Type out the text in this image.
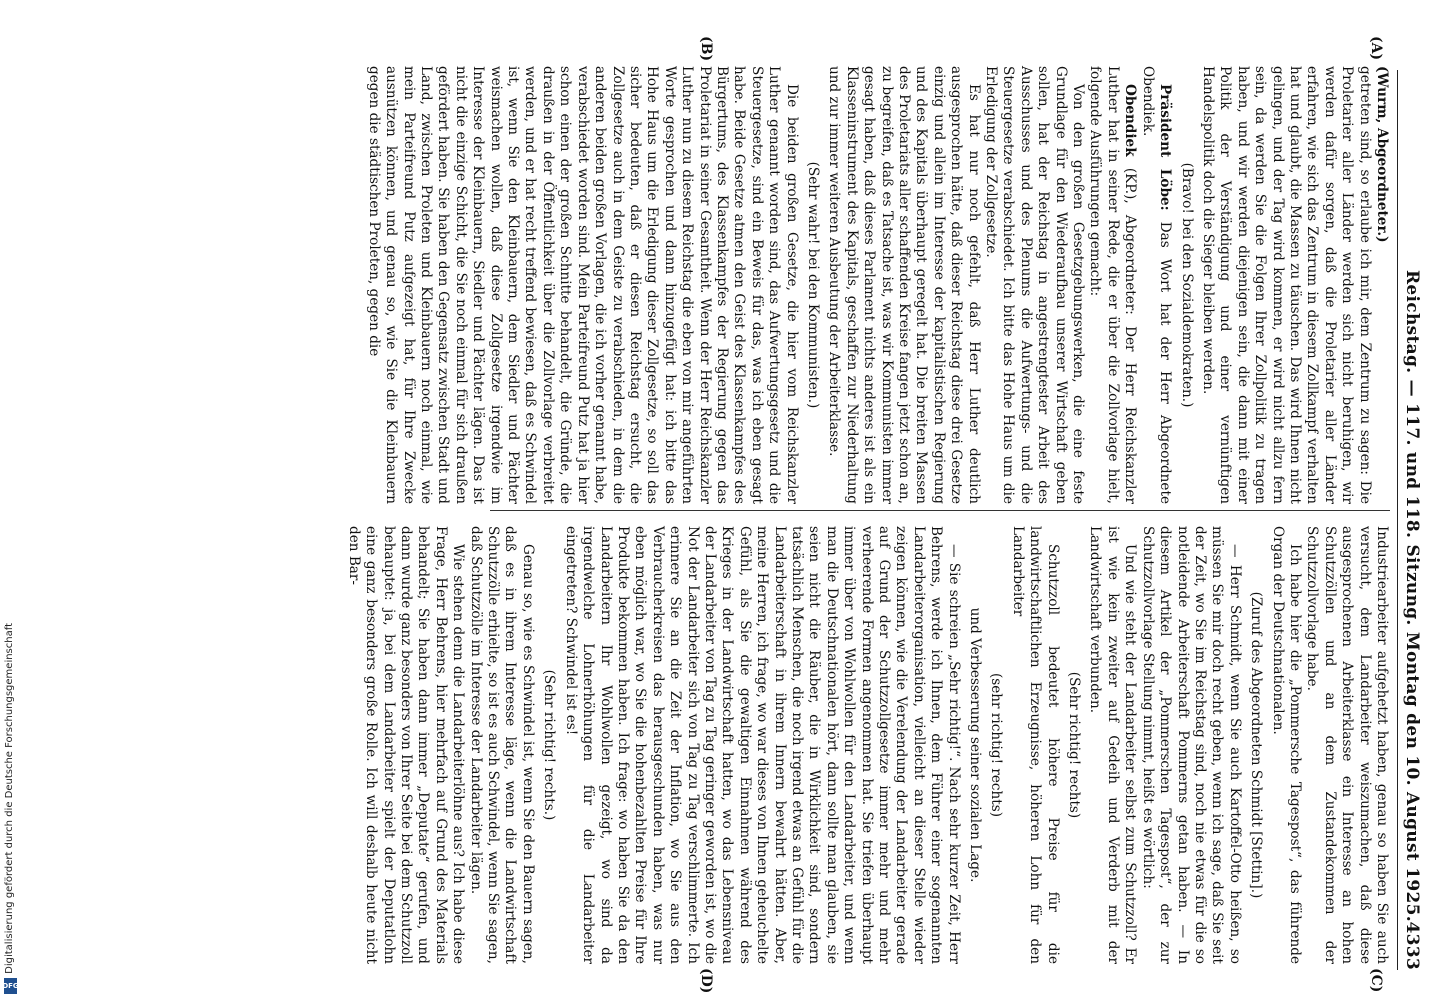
Reichstag. — 117. und 118. Sitzung. Montag den 10. August 1925.
4333
(A)
(B)
(C)
(D)

(Wurm, Abgeordneter.)

getreten sind, so erlaube ich mir, dem Zentrum zu sagen: Die Proletarier aller Länder werden sich nicht beruhigen, wir werden dafür sorgen, daß die Proletarier aller Länder erfahren, wie sich das Zentrum in diesem Zollkampf verhalten hat und glaubt, die Massen zu täuschen. Das wird Ihnen nicht gelingen, und der Tag wird kommen, er wird nicht allzu fern sein, da werden Sie die Folgen Ihrer Zollpolitik zu tragen haben, und wir werden diejenigen sein, die dann mit einer Politik der Verständigung und einer vernünftigen Handelspolitik doch die Sieger bleiben werden.

(Bravo! bei den Sozialdemokraten.)

Präsident Löbe: Das Wort hat der Herr Abgeordnete Obendiek.

Obendiek (KP.), Abgeordneter: Der Herr Reichskanzler Luther hat in seiner Rede, die er über die Zollvorlage hielt, folgende Ausführungen gemacht:

Von den großen Gesetzgebungswerken, die eine feste Grundlage für den Wiederaufbau unserer Wirtschaft geben sollen, hat der Reichstag in angestrengtester Arbeit des Ausschusses und des Plenums die Aufwertungs- und die Steuergesetze verabschiedet. Ich bitte das Hohe Haus um die Erledigung der Zollgesetze.

Es hat nur noch gefehlt, daß Herr Luther deutlich ausgesprochen hätte, daß dieser Reichstag diese drei Gesetze einzig und allein im Interesse der kapitalistischen Regierung und des Kapitals überhaupt geregelt hat. Die breiten Massen des Proletariats aller schaffenden Kreise fangen jetzt schon an, zu begreifen, daß es Tatsache ist, was wir Kommunisten immer gesagt haben, daß dieses Parlament nichts anderes ist als ein Klasseninstrument des Kapitals, geschaffen zur Niederhaltung und zur immer weiteren Ausbeutung der Arbeiterklasse.

(Sehr wahr! bei den Kommunisten.)

Die beiden großen Gesetze, die hier vom Reichskanzler Luther genannt worden sind, das Aufwertungsgesetz und die Steuergesetze, sind ein Beweis für das, was ich eben gesagt habe. Beide Gesetze atmen den Geist des Klassenkampfes des Bürgertums, des Klassenkampfes der Regierung gegen das Proletariat in seiner Gesamtheit. Wenn der Herr Reichskanzler Luther nun zu diesem Reichstag die eben von mir angeführten Worte gesprochen und dann hinzugefügt hat: ich bitte das Hohe Haus um die Erledigung dieser Zollgesetze, so soll das sicher bedeuten, daß er diesen Reichstag ersucht, die Zollgesetze auch in dem Geiste zu verabschieden, in dem die anderen beiden großen Vorlagen, die ich vorher genannt habe, verabschiedet worden sind. Mein Parteifreund Putz hat ja hier schon einen der großen Schnitte behandelt, die Gründe, die draußen in der Öffentlichkeit über die Zollvorlage verbreitet werden, und er hat recht treffend bewiesen, daß es Schwindel ist, wenn Sie den Kleinbauern, dem Siedler und Pächter weismachen wollen, daß diese Zollgesetze irgendwie im Interesse der Kleinbauern, Siedler und Pächter lägen. Das ist nicht die einzige Schicht, die Sie noch einmal für sich draußen gefördert haben. Sie haben den Gegensatz zwischen Stadt und Land, zwischen Proleten und Kleinbauern noch einmal, wie mein Parteifreund Putz aufgezeigt hat, für Ihre Zwecke ausnützen können, und genau so, wie Sie die Kleinbauern gegen die städtischen Proleten, gegen die

Industriearbeiter aufgehetzt haben, genau so haben Sie auch versucht, dem Landarbeiter weiszumachen, daß diese ausgesprochenen Arbeiterklasse ein Interesse an hohen Schutzzöllen und an dem Zustandekommen der Schutzzollvorlage habe.

Ich habe hier die „Pommersche Tagespost“, das führende Organ der Deutschnationalen.

(Zuruf des Abgeordneten Schmidt [Stettin].)

— Herr Schmidt, wenn Sie auch Kartoffel-Otto heißen, so müssen Sie mir doch recht geben, wenn ich sage, daß Sie seit der Zeit, wo Sie im Reichstag sind, noch nie etwas für die so notleidende Arbeiterschaft Pommerns getan haben. — In diesem Artikel der „Pommerschen Tagespost“, der zur Schutzzollvorlage Stellung nimmt, heißt es wörtlich:

Und wie steht der Landarbeiter selbst zum Schutzzoll? Er ist wie kein zweiter auf Gedeih und Verderb mit der Landwirtschaft verbunden.

(Sehr richtig! rechts)

Schutzzoll bedeutet höhere Preise für die landwirtschaftlichen Erzeugnisse, höheren Lohn für den Landarbeiter

(sehr richtig! rechts)

und Verbesserung seiner sozialen Lage.

— Sie schreien „Sehr richtig!“. Nach sehr kurzer Zeit, Herr Behrens, werde ich Ihnen, dem Führer einer sogenannten Landarbeiterorganisation, vielleicht an dieser Stelle wieder zeigen können, wie die Verelendung der Landarbeiter gerade auf Grund der Schutzzollgesetze immer mehr und mehr verheerende Formen angenommen hat. Sie triefen überhaupt immer über von Wohlwollen für den Landarbeiter, und wenn man die Deutschnationalen hört, dann sollte man glauben, sie seien nicht die Räuber, die in Wirklichkeit sind, sondern tatsächlich Menschen, die noch irgend etwas an Gefühl für die Landarbeiterschaft in ihrem Innern bewahrt hätten. Aber, meine Herren, ich frage, wo war dieses von Ihnen geheuchelte Gefühl, als Sie die gewaltigen Einnahmen während des Krieges in der Landwirtschaft hatten, wo das Lebensniveau der Landarbeiter von Tag zu Tag geringer geworden ist, wo die Not der Landarbeiter sich von Tag zu Tag verschlimmerte. Ich erinnere Sie an die Zeit der Inflation, wo Sie aus den Verbraucherkreisen das herausgeschunden haben, was nur eben möglich war, wo Sie die hohenbezahlten Preise für Ihre Produkte bekommen haben. Ich frage: wo haben Sie da den Landarbeitern Ihr Wohlwollen gezeigt, wo sind da irgendwelche Lohnerhöhungen für die Landarbeiter eingetreten? Schwindel ist es!

(Sehr richtig! rechts.)

Genau so, wie es Schwindel ist, wenn Sie den Bauern sagen, daß es in ihrem Interesse läge, wenn die Landwirtschaft Schutzzölle erhielte, so ist es auch Schwindel, wenn Sie sagen, daß Schutzzölle im Interesse der Landarbeiter lägen.

Wie stehen denn die Landarbeiterlöhne aus? Ich habe diese Frage, Herr Behrens, hier mehrfach auf Grund des Materials behandelt; Sie haben dann immer „Deputate“ gerufen, und dann wurde ganz besonders von Ihrer Seite bei dem Schutzzoll behauptet: ja, bei dem Landarbeiter spielt der Deputatlohn eine ganz besonders große Rolle. Ich will deshalb heute nicht den Bar-

Digitalisierung gefördert durch die Deutsche Forschungsgemeinschaft
DFG
